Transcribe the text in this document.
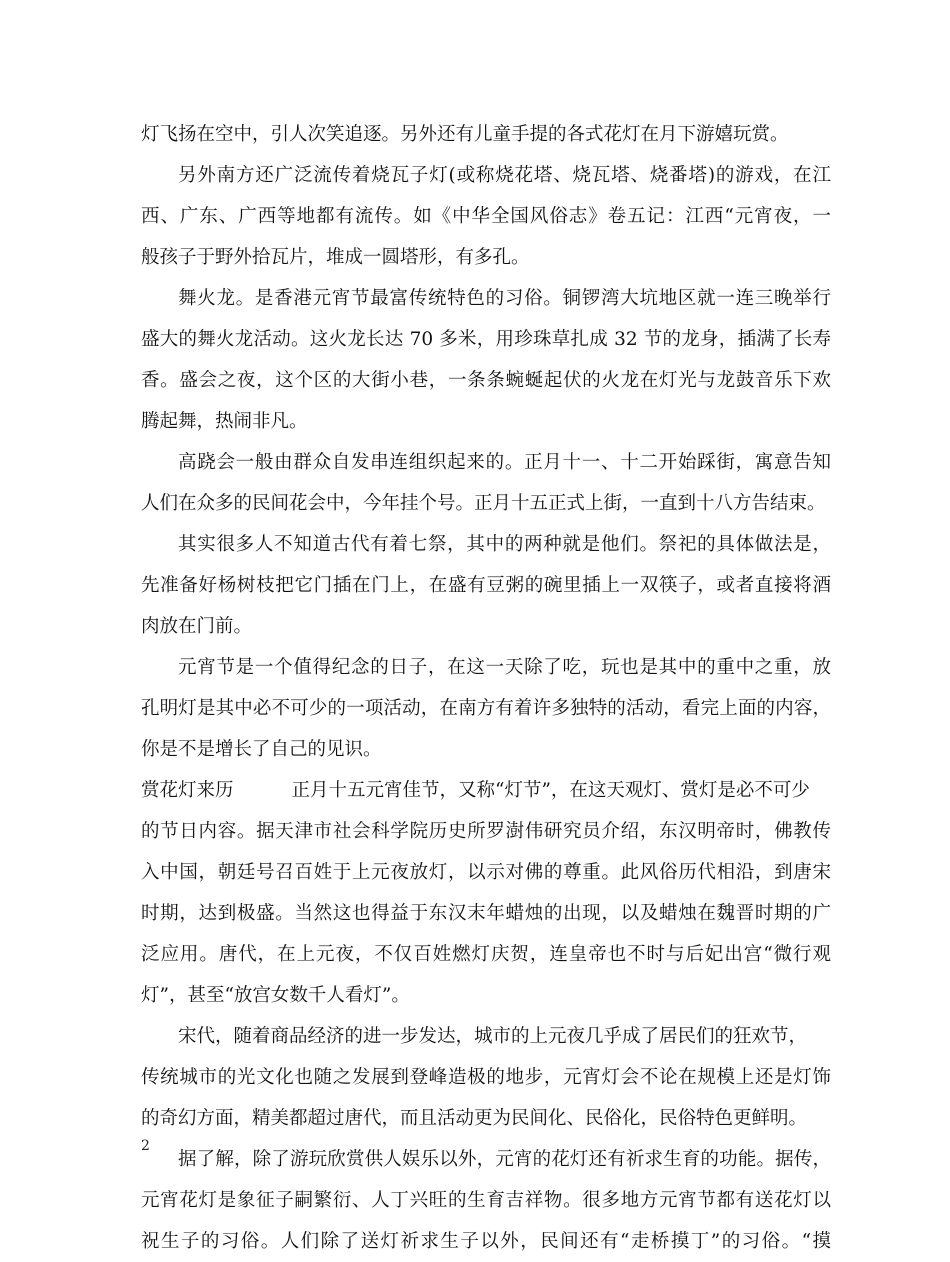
灯飞扬在空中，引人次笑追逐。另外还有儿童手提的各式花灯在月下游嬉玩赏。
另外南方还广泛流传着烧瓦子灯(或称烧花塔、烧瓦塔、烧番塔)的游戏，在江
西、广东、广西等地都有流传。如《中华全国风俗志》卷五记：江西“元宵夜，一
般孩子于野外拾瓦片，堆成一圆塔形，有多孔。
舞火龙。是香港元宵节最富传统特色的习俗。铜锣湾大坑地区就一连三晚举行
盛大的舞火龙活动。这火龙长达 70 多米，用珍珠草扎成 32 节的龙身，插满了长寿
香。盛会之夜，这个区的大街小巷，一条条蜿蜒起伏的火龙在灯光与龙鼓音乐下欢
腾起舞，热闹非凡。
高跷会一般由群众自发串连组织起来的。正月十一、十二开始踩街，寓意告知
人们在众多的民间花会中，今年挂个号。正月十五正式上街，一直到十八方告结束。
其实很多人不知道古代有着七祭，其中的两种就是他们。祭祀的具体做法是，
先准备好杨树枝把它门插在门上，在盛有豆粥的碗里插上一双筷子，或者直接将酒
肉放在门前。
元宵节是一个值得纪念的日子，在这一天除了吃，玩也是其中的重中之重，放
孔明灯是其中必不可少的一项活动，在南方有着许多独特的活动，看完上面的内容，
你是不是增长了自己的见识。
赏花灯来历	正月十五元宵佳节，又称“灯节”，在这天观灯、赏灯是必不可少
的节日内容。据天津市社会科学院历史所罗澍伟研究员介绍，东汉明帝时，佛教传
入中国，朝廷号召百姓于上元夜放灯，以示对佛的尊重。此风俗历代相沿，到唐宋
时期，达到极盛。当然这也得益于东汉末年蜡烛的出现，以及蜡烛在魏晋时期的广
泛应用。唐代，在上元夜，不仅百姓燃灯庆贺，连皇帝也不时与后妃出宫“微行观
灯”，甚至“放宫女数千人看灯”。
宋代，随着商品经济的进一步发达，城市的上元夜几乎成了居民们的狂欢节，
传统城市的光文化也随之发展到登峰造极的地步，元宵灯会不论在规模上还是灯饰
的奇幻方面，精美都超过唐代，而且活动更为民间化、民俗化，民俗特色更鲜明。
据了解，除了游玩欣赏供人娱乐以外，元宵的花灯还有祈求生育的功能。据传，
元宵花灯是象征子嗣繁衍、人丁兴旺的生育吉祥物。很多地方元宵节都有送花灯以
祝生子的习俗。人们除了送灯祈求生子以外，民间还有“走桥摸丁”的习俗。“摸
2
